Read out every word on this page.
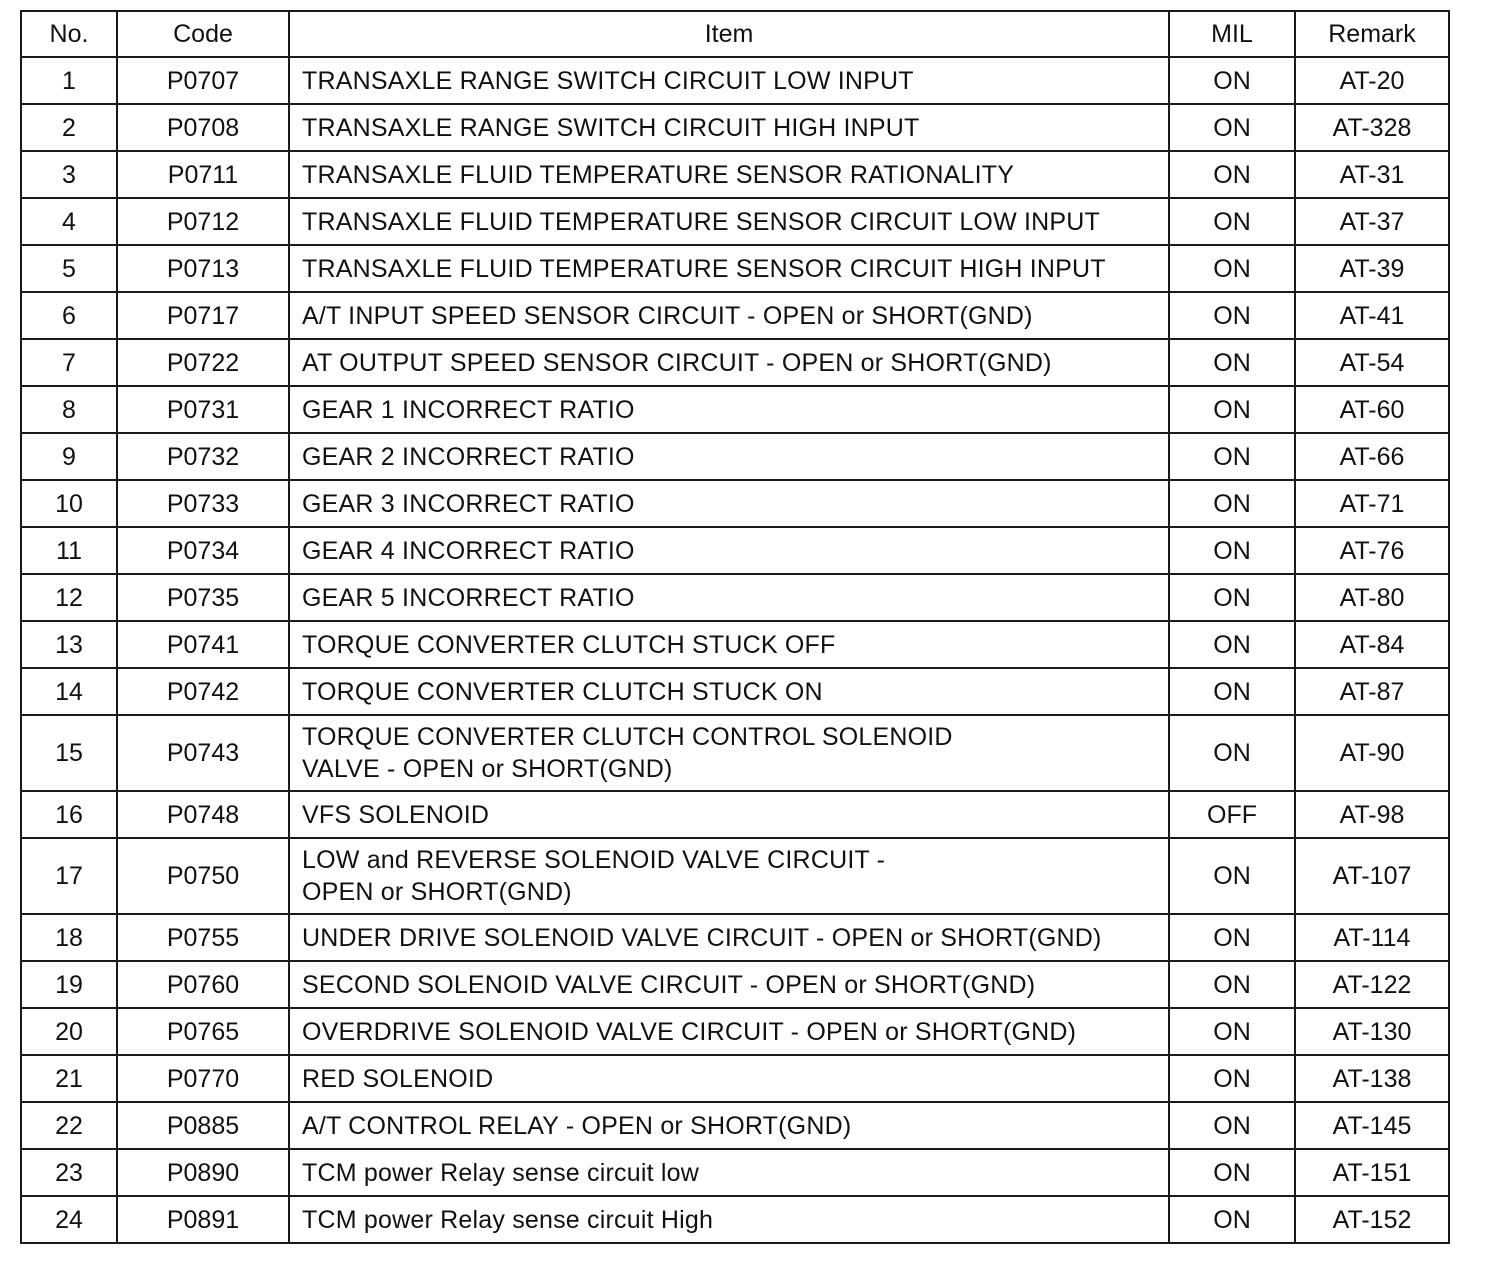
No.	Code	Item	MIL	Remark
1	P0707	TRANSAXLE RANGE SWITCH CIRCUIT LOW INPUT	ON	AT-20
2	P0708	TRANSAXLE RANGE SWITCH CIRCUIT HIGH INPUT	ON	AT-328
3	P0711	TRANSAXLE FLUID TEMPERATURE SENSOR RATIONALITY	ON	AT-31
4	P0712	TRANSAXLE FLUID TEMPERATURE SENSOR CIRCUIT LOW INPUT	ON	AT-37
5	P0713	TRANSAXLE FLUID TEMPERATURE SENSOR CIRCUIT HIGH INPUT	ON	AT-39
6	P0717	A/T INPUT SPEED SENSOR CIRCUIT - OPEN or SHORT(GND)	ON	AT-41
7	P0722	AT OUTPUT SPEED SENSOR CIRCUIT - OPEN or SHORT(GND)	ON	AT-54
8	P0731	GEAR 1 INCORRECT RATIO	ON	AT-60
9	P0732	GEAR 2 INCORRECT RATIO	ON	AT-66
10	P0733	GEAR 3 INCORRECT RATIO	ON	AT-71
11	P0734	GEAR 4 INCORRECT RATIO	ON	AT-76
12	P0735	GEAR 5 INCORRECT RATIO	ON	AT-80
13	P0741	TORQUE CONVERTER CLUTCH STUCK OFF	ON	AT-84
14	P0742	TORQUE CONVERTER CLUTCH STUCK ON	ON	AT-87
15	P0743	TORQUE CONVERTER CLUTCH CONTROL SOLENOID
VALVE - OPEN or SHORT(GND)	ON	AT-90
16	P0748	VFS SOLENOID	OFF	AT-98
17	P0750	LOW and REVERSE SOLENOID VALVE CIRCUIT -
OPEN or SHORT(GND)	ON	AT-107
18	P0755	UNDER DRIVE SOLENOID VALVE CIRCUIT - OPEN or SHORT(GND)	ON	AT-114
19	P0760	SECOND SOLENOID VALVE CIRCUIT - OPEN or SHORT(GND)	ON	AT-122
20	P0765	OVERDRIVE SOLENOID VALVE CIRCUIT - OPEN or SHORT(GND)	ON	AT-130
21	P0770	RED SOLENOID	ON	AT-138
22	P0885	A/T CONTROL RELAY - OPEN or SHORT(GND)	ON	AT-145
23	P0890	TCM power Relay sense circuit low	ON	AT-151
24	P0891	TCM power Relay sense circuit High	ON	AT-152
